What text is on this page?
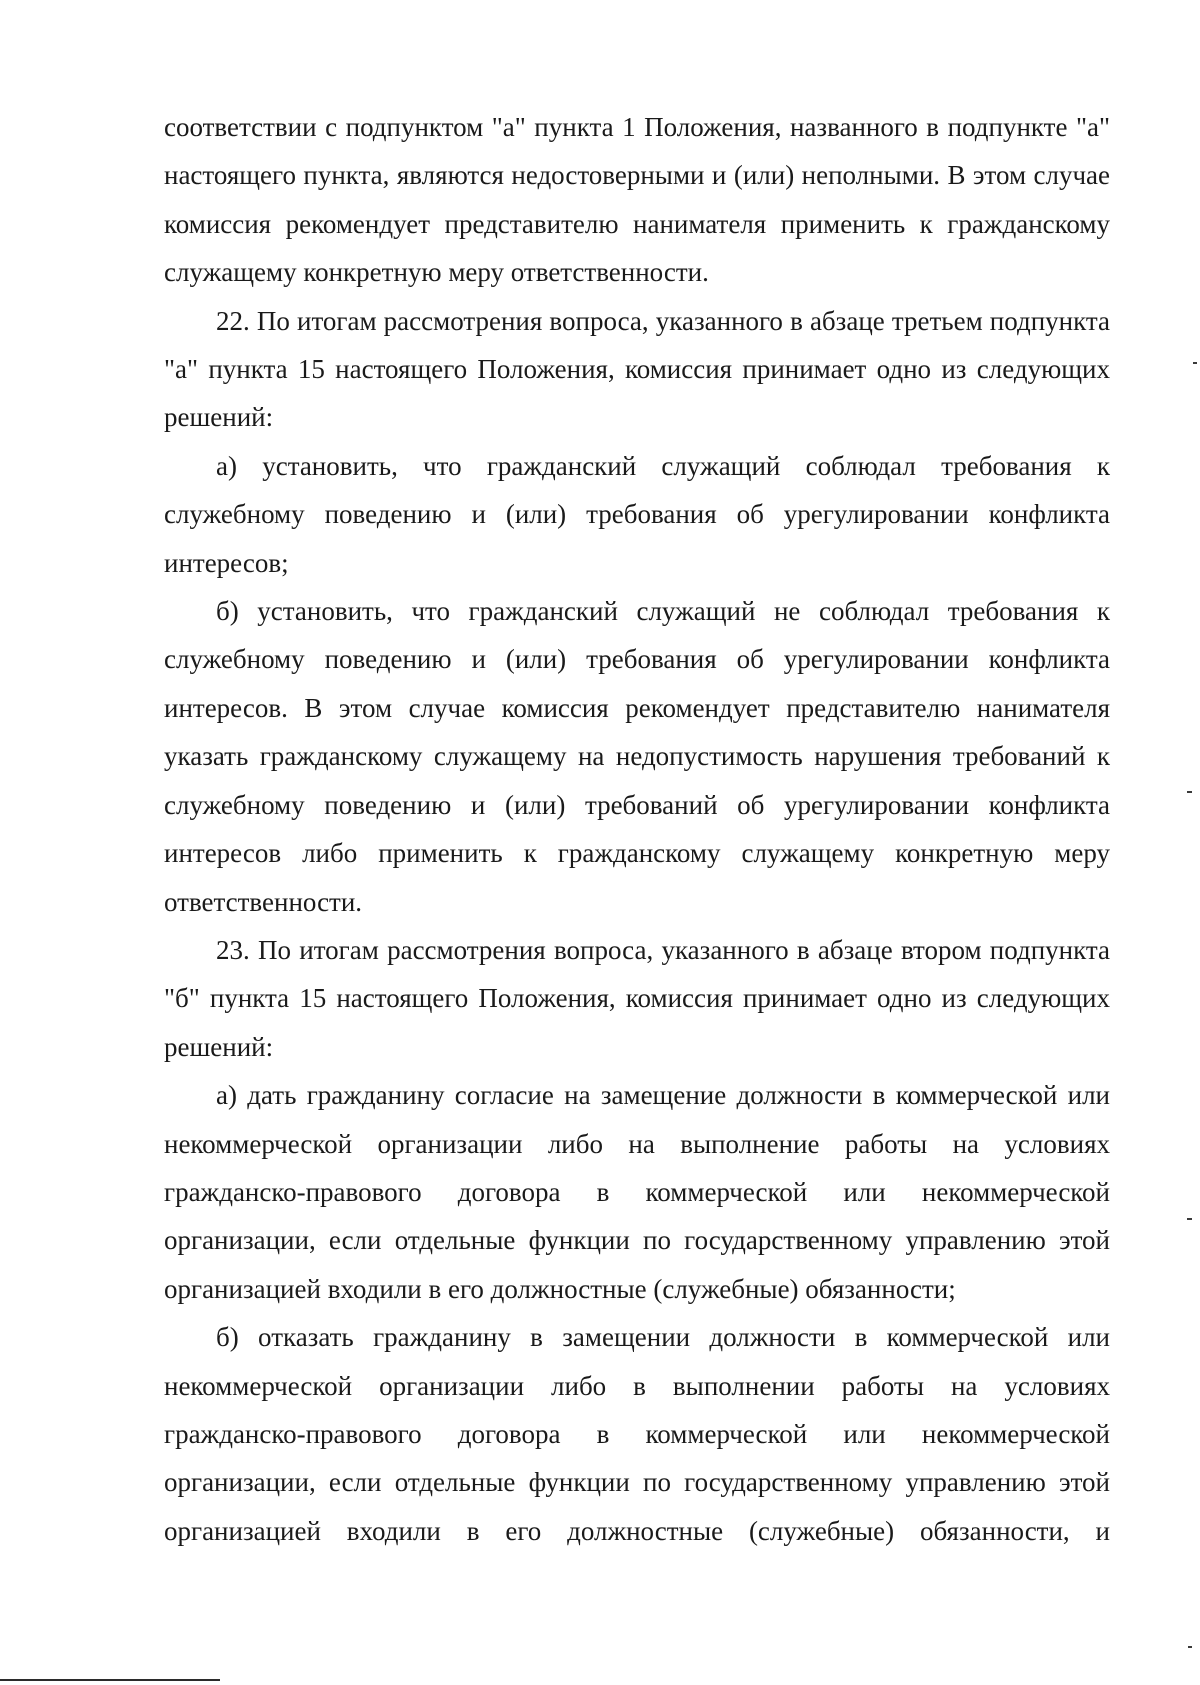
соответствии с подпунктом "а" пункта 1 Положения, названного в подпункте "а" настоящего пункта, являются недостоверными и (или) неполными. В этом случае комиссия рекомендует представителю нанимателя применить к гражданскому служащему конкретную меру ответственности.

22. По итогам рассмотрения вопроса, указанного в абзаце третьем подпункта "а" пункта 15 настоящего Положения, комиссия принимает одно из следующих решений:

а) установить, что гражданский служащий соблюдал требования к служебному поведению и (или) требования об урегулировании конфликта интересов;

б) установить, что гражданский служащий не соблюдал требования к служебному поведению и (или) требования об урегулировании конфликта интересов. В этом случае комиссия рекомендует представителю нанимателя указать гражданскому служащему на недопустимость нарушения требований к служебному поведению и (или) требований об урегулировании конфликта интересов либо применить к гражданскому служащему конкретную меру ответственности.

23. По итогам рассмотрения вопроса, указанного в абзаце втором подпункта "б" пункта 15 настоящего Положения, комиссия принимает одно из следующих решений:

а) дать гражданину согласие на замещение должности в коммерческой или некоммерческой организации либо на выполнение работы на условиях гражданско-правового договора в коммерческой или некоммерческой организации, если отдельные функции по государственному управлению этой организацией входили в его должностные (служебные) обязанности;

б) отказать гражданину в замещении должности в коммерческой или некоммерческой организации либо в выполнении работы на условиях гражданско-правового договора в коммерческой или некоммерческой организации, если отдельные функции по государственному управлению этой организацией входили в его должностные (служебные) обязанности, и
